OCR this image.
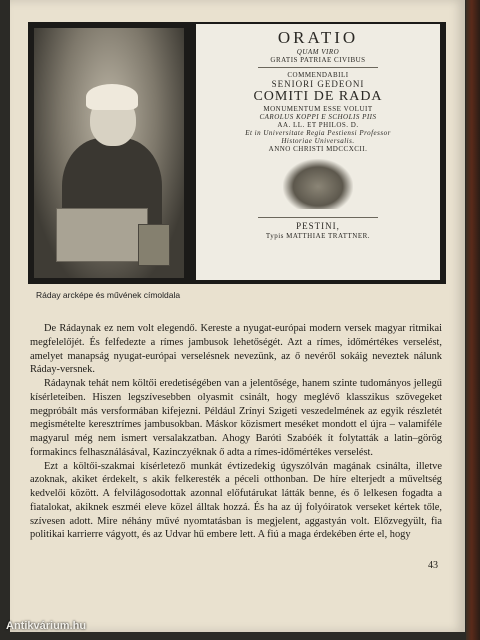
ORATIO
QUAM VIRO
GRATIS PATRIAE CIVIBUS
COMMENDABILI
SENIORI GEDEONI
COMITI DE RADA
MONUMENTUM ESSE VOLUIT
CAROLUS KOPPI E SCHOLIS PIIS
AA. LL. ET PHILOS. D.
Et in Universitate Regia Pestiensi Professor
Historiae Universalis.
ANNO CHRISTI MDCCXCII.
PESTINI,
Typis MATTHIAE TRATTNER.
Ráday arcképe és művének címoldala

De Rádaynak ez nem volt elegendő. Kereste a nyugat-európai modern versek magyar ritmikai megfelelőjét. És felfedezte a rímes jambusok lehetőségét. Azt a rímes, időmértékes verselést, amelyet manapság nyugat-európai verselésnek nevezünk, az ő nevéről sokáig neveztek nálunk Ráday-versnek.

Rádaynak tehát nem költői eredetiségében van a jelentősége, hanem szinte tudományos jellegű kísérleteiben. Hiszen legszívesebben olyasmit csinált, hogy meglévő klasszikus szövegeket megpróbált más versformában kifejezni. Például Zrínyi Szigeti veszedelmének az egyik részletét megismételte keresztrímes jambusokban. Máskor közismert meséket mondott el újra – valamiféle magyarul még nem ismert versalakzatban. Ahogy Baróti Szabóék ít folytatták a latin–görög formakincs felhasználásával, Kazinczyéknak ő adta a rímes-időmértékes verselést.

Ezt a költői-szakmai kísérletező munkát évtizedekig úgyszólván magának csinálta, illetve azoknak, akiket érdekelt, s akik felkeresték a péceli otthonban. De híre elterjedt a műveltség kedvelői között. A felvilágosodottak azonnal előfutárukat látták benne, és ő lelkesen fogadta a fiatalokat, akiknek eszméi eleve közel álltak hozzá. És ha az új folyóiratok verseket kértek tőle, szívesen adott. Mire néhány művé nyomtatásban is megjelent, aggastyán volt. Előzvegyült, fia politikai karrierre vágyott, és az Udvar hű embere lett. A fiú a maga érdekében érte el, hogy

43
Antikvárium.hu
